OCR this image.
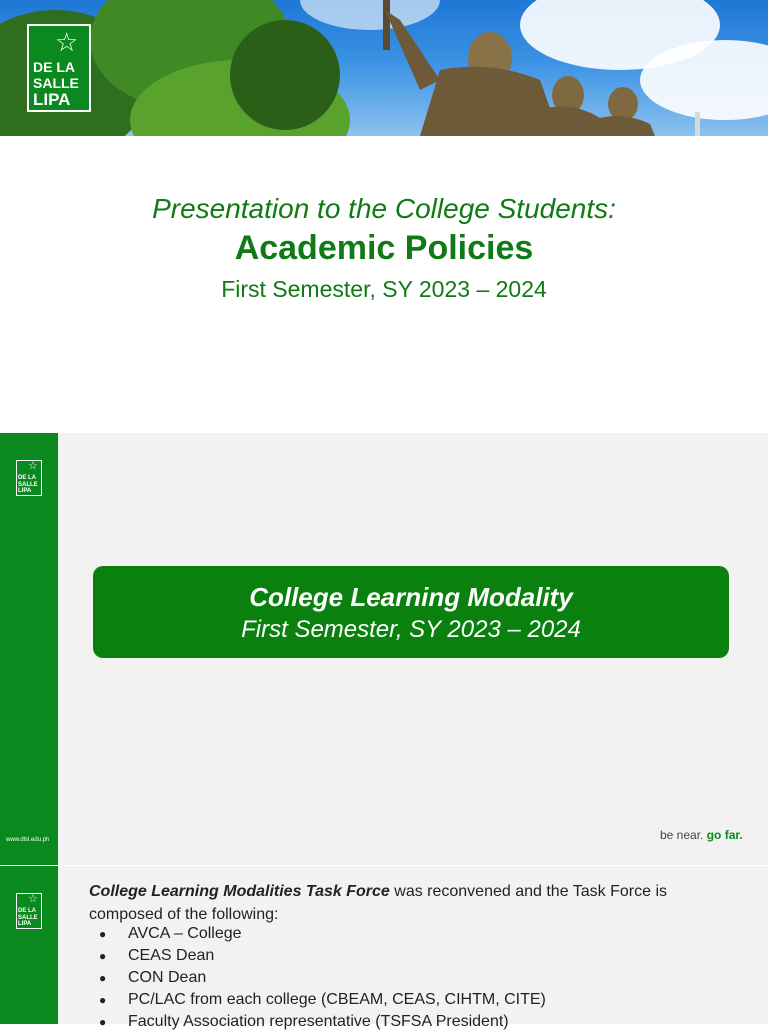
☆
DE LA
SALLE
LIPA
Presentation to the College Students:
Academic Policies
First Semester, SY 2023 – 2024
☆
DE LA
SALLE
LIPA
www.dlsl.edu.ph
College Learning Modality
First Semester, SY 2023 – 2024
be near. go far.
☆
DE LA
SALLE
LIPA
College Learning Modalities Task Force was reconvened and the Task Force is composed of the following:
● AVCA – College
● CEAS Dean
● CON Dean
● PC/LAC from each college (CBEAM, CEAS, CIHTM, CITE)
● Faculty Association representative (TSFSA President)
